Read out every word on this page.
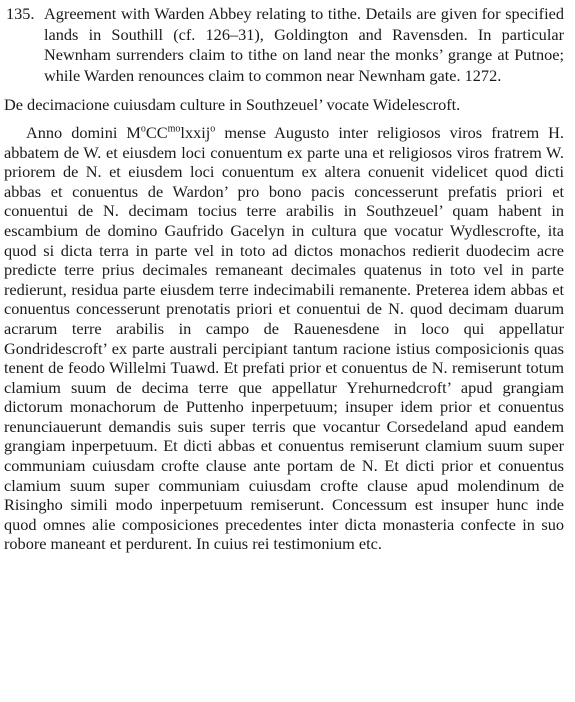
135. Agreement with Warden Abbey relating to tithe. Details are given for specified lands in Southill (cf. 126–31), Goldington and Ravensden. In particular Newnham surrenders claim to tithe on land near the monks’ grange at Putnoe; while Warden renounces claim to common near Newnham gate. 1272.

De decimacione cuiusdam culture in Southzeuel’ vocate Widelescroft.

Anno domini $M^oCC^{mo}lxxij^o$ mense Augusto inter religiosos viros fratrem H. abbatem de W. et eiusdem loci conuentum ex parte una et religiosos viros fratrem W. priorem de N. et eiusdem loci conuentum ex altera conuenit videlicet quod dicti abbas et conuentus de Wardon’ pro bono pacis concesserunt prefatis priori et conuentui de N. decimam tocius terre arabilis in Southzeuel’ quam habent in escambium de domino Gaufrido Gacelyn in cultura que vocatur Wydlescrofte, ita quod si dicta terra in parte vel in toto ad dictos monachos redierit duodecim acre predicte terre prius decimales remaneant decimales quatenus in toto vel in parte redierunt, residua parte eiusdem terre indecimabili remanente. Preterea idem abbas et conuentus concesserunt prenotatis priori et conuentui de N. quod decimam duarum acrarum terre arabilis in campo de Rauenesdene in loco qui appellatur Gondridescroft’ ex parte australi percipiant tantum racione istius composicionis quas tenent de feodo Willelmi Tuawd. Et prefati prior et conuentus de N. remiserunt totum clamium suum de decima terre que appellatur Yrehurnedcroft’ apud grangiam dictorum monachorum de Puttenho inperpetuum; insuper idem prior et conuentus renunciauerunt demandis suis super terris que vocantur Corsedeland apud eandem grangiam inperpetuum. Et dicti abbas et conuentus remiserunt clamium suum super communiam cuiusdam crofte clause ante portam de N. Et dicti prior et conuentus clamium suum super communiam cuiusdam crofte clause apud molendinum de Risingho simili modo inperpetuum remiserunt. Concessum est insuper hunc inde quod omnes alie composiciones precedentes inter dicta monasteria confecte in suo robore maneant et perdurent. In cuius rei testimonium etc.
